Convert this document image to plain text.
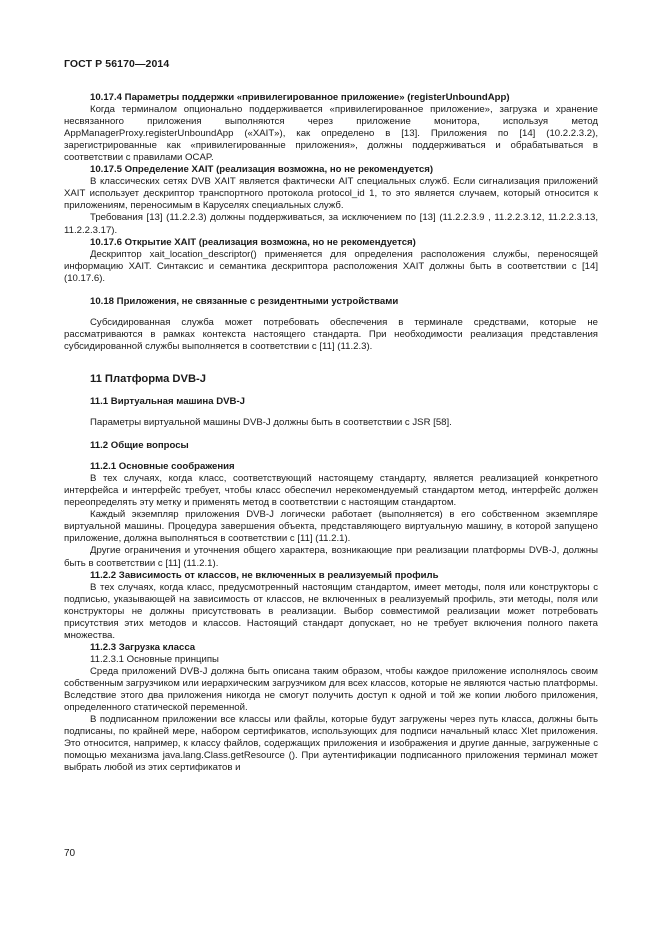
ГОСТ Р 56170—2014

10.17.4 Параметры поддержки «привилегированное приложение» (registerUnboundApp)

Когда терминалом опционально поддерживается «привилегированное приложение», загрузка и хранение несвязанного приложения выполняются через приложение монитора, используя метод AppManagerProxy.registerUnboundApp («XAIT»), как определено в [13]. Приложения по [14] (10.2.2.3.2), зарегистрированные как «привилегированные приложения», должны поддерживаться и обрабатываться в соответствии с правилами OCAP.

10.17.5 Определение XAIT (реализация возможна, но не рекомендуется)

В классических сетях DVB XAIT является фактически AIT специальных служб. Если сигнализация приложений XAIT использует дескриптор транспортного протокола protocol_id 1, то это является случаем, который относится к приложениям, переносимым в Каруселях специальных служб.

Требования [13] (11.2.2.3) должны поддерживаться, за исключением по [13] (11.2.2.3.9 , 11.2.2.3.12, 11.2.2.3.13, 11.2.2.3.17).

10.17.6 Открытие XAIT (реализация возможна, но не рекомендуется)

Дескриптор xait_location_descriptor() применяется для определения расположения службы, переносящей информацию XAIT. Синтаксис и семантика дескриптора расположения XAIT должны быть в соответствии с [14] (10.17.6).

10.18 Приложения, не связанные с резидентными устройствами

Субсидированная служба может потребовать обеспечения в терминале средствами, которые не рассматриваются в рамках контекста настоящего стандарта. При необходимости реализация представления субсидированной службы выполняется в соответствии с [11] (11.2.3).

11 Платформа DVB-J

11.1 Виртуальная машина DVB-J

Параметры виртуальной машины DVB-J должны быть в соответствии с JSR [58].

11.2 Общие вопросы

11.2.1 Основные соображения

В тех случаях, когда класс, соответствующий настоящему стандарту, является реализацией конкретного интерфейса и интерфейс требует, чтобы класс обеспечил нерекомендуемый стандартом метод, интерфейс должен переопределять эту метку и применять метод в соответствии с настоящим стандартом.

Каждый экземпляр приложения DVB-J логически работает (выполняется) в его собственном экземпляре виртуальной машины. Процедура завершения объекта, представляющего виртуальную машину, в которой запущено приложение, должна выполняться в соответствии с [11] (11.2.1).

Другие ограничения и уточнения общего характера, возникающие при реализации платформы DVB-J, должны быть в соответствии с [11] (11.2.1).

11.2.2 Зависимость от классов, не включенных в реализуемый профиль

В тех случаях, когда класс, предусмотренный настоящим стандартом, имеет методы, поля или конструкторы с подписью, указывающей на зависимость от классов, не включенных в реализуемый профиль, эти методы, поля или конструкторы не должны присутствовать в реализации. Выбор совместимой реализации может потребовать присутствия этих методов и классов. Настоящий стандарт допускает, но не требует включения полного пакета множества.

11.2.3 Загрузка класса

11.2.3.1 Основные принципы

Среда приложений DVB-J должна быть описана таким образом, чтобы каждое приложение исполнялось своим собственным загрузчиком или иерархическим загрузчиком для всех классов, которые не являются частью платформы. Вследствие этого два приложения никогда не смогут получить доступ к одной и той же копии любого приложения, определенного статической переменной.

В подписанном приложении все классы или файлы, которые будут загружены через путь класса, должны быть подписаны, по крайней мере, набором сертификатов, использующих для подписи начальный класс Xlet приложения. Это относится, например, к классу файлов, содержащих приложения и изображения и другие данные, загруженные с помощью механизма java.lang.Class.getResource (). При аутентификации подписанного приложения терминал может выбрать любой из этих сертификатов и

70
